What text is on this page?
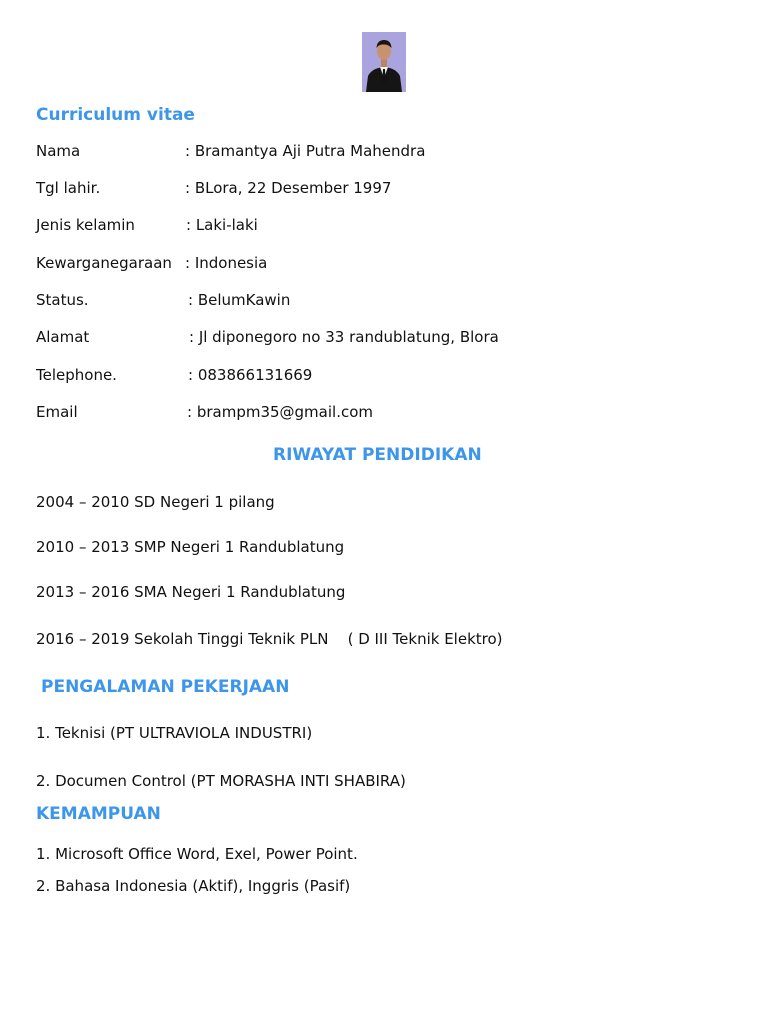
Curriculum vitae
Nama	: Bramantya Aji Putra Mahendra
Tgl lahir.	: BLora, 22 Desember 1997
Jenis kelamin	: Laki-laki
Kewarganegaraan : Indonesia
Status.	: BelumKawin
Alamat	: Jl diponegoro no 33 randublatung, Blora
Telephone.	: 083866131669
Email	: brampm35@gmail.com
RIWAYAT PENDIDIKAN
2004 – 2010 SD Negeri 1 pilang
2010 – 2013 SMP Negeri 1 Randublatung
2013 – 2016 SMA Negeri 1 Randublatung
2016 – 2019 Sekolah Tinggi Teknik PLN    ( D III Teknik Elektro)
PENGALAMAN PEKERJAAN
1. Teknisi (PT ULTRAVIOLA INDUSTRI)
2. Documen Control (PT MORASHA INTI SHABIRA)
KEMAMPUAN
1. Microsoft Office Word, Exel, Power Point.
2. Bahasa Indonesia (Aktif), Inggris (Pasif)
